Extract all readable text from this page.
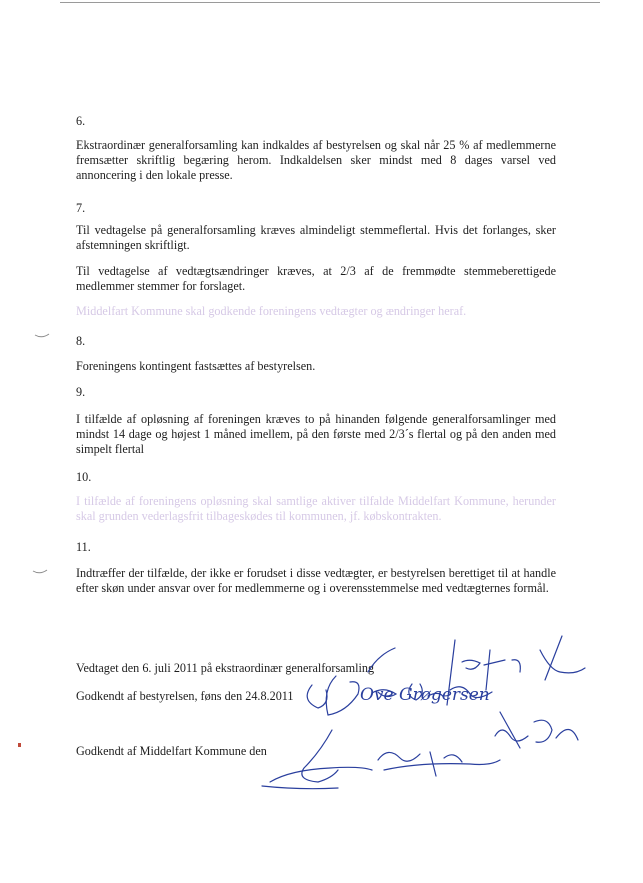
6.
Ekstraordinær generalforsamling kan indkaldes af bestyrelsen og skal når 25 % af medlemmerne fremsætter skriftlig begæring herom. Indkaldelsen sker mindst med 8 dages varsel ved annoncering i den lokale presse.
7.
Til vedtagelse på generalforsamling kræves almindeligt stemmeflertal. Hvis det forlanges, sker afstemningen skriftligt.
Til vedtagelse af vedtægtsændringer kræves, at 2/3 af de fremmødte stemmeberettigede medlemmer stemmer for forslaget.
Middelfart Kommune skal godkende foreningens vedtægter og ændringer heraf.
8.
Foreningens kontingent fastsættes af bestyrelsen.
9.
I tilfælde af opløsning af foreningen kræves to på hinanden følgende generalforsamlinger med mindst 14 dage og højest 1 måned imellem, på den første med 2/3´s flertal og på den anden med simpelt flertal
10.
I tilfælde af foreningens opløsning skal samtlige aktiver tilfalde Middelfart Kommune, herunder skal grunden vederlagsfrit tilbageskødes til kommunen, jf. købskontrakten.
11.
Indtræffer der tilfælde, der ikke er forudset i disse vedtægter, er bestyrelsen berettiget til at handle efter skøn under ansvar over for medlemmerne og i overensstemmelse med vedtægternes formål.
Vedtaget den 6. juli 2011 på ekstraordinær generalforsamling
Godkendt af bestyrelsen, føns den 24.8.2011
Godkendt af Middelfart Kommune den
Ove Grøgersen
